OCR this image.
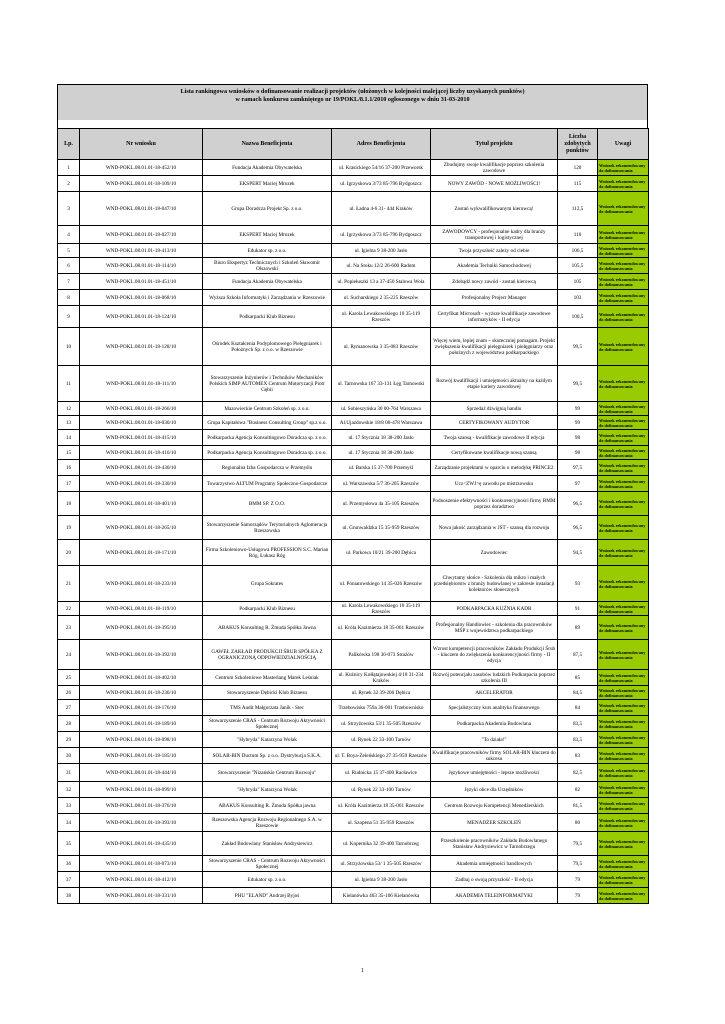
Lista rankingowa wniosków o dofinansowanie realizacji projektów (ułożonych w kolejności malejącej liczby uzyskanych punktów)
w ramach konkursu zamkniętego nr 19/POKL/8.1.1/2010 ogłoszonego w dniu 31-03-2010
Lp.	Nr wniosku	Nazwa Beneficjenta	Adres Beneficjenta	Tytuł projektu	Liczba zdobytych punktów	Uwagi
1	WND-POKL.08.01.01-18-452/10	Fundacja Akademia Obywatelska	ul. Krasickiego 54/16 37-200 Przeworsk	Zbudujmy swoje kwalifikacje poprzez szkolenia zawodowe	120	Wniosek rekomendowany do dofinansowania
2	WND-POKL.08.01.01-18-109/10	EKSPERT Maciej Mrozek	ul. Igrzyskowa 3/73 85-796 Bydgoszcz	NOWY ZAWÓD - NOWE MOŻLIWOŚCI!	115	Wniosek rekomendowany do dofinansowania
3	WND-POKL.08.01.01-18-047/10	Grupa Doradcza Projekt Sp. z o.o.	ul. Ładna 4-6 31- 444 Kraków	Zostań wykwalifikowanym kierowcą!	112,5	Wniosek rekomendowany do dofinansowania
4	WND-POKL.08.01.01-18-027/10	EKSPERT Maciej Mrozek	ul. Igrzyskowa 3/73 85-796 Bydgoszcz	ZAWODOWCY - profesjonalne kadry dla branży transportowej i logistycznej	110	Wniosek rekomendowany do dofinansowania
5	WND-POKL.08.01.01-18-413/10	Edukator sp. z o.o.	ul. Igielna 9 38-200 Jasło	Twoja przyszłość zależy od ciebie	106,5	Wniosek rekomendowany do dofinansowania
6	WND-POKL.08.01.01-18-114/10	Biuro Ekspertyz Technicznych i Szkoleń Sławomir Olszowski	ul. Na Stoku 12/2 26-600 Radom	Akademia Techniki Samochodowej	105,5	Wniosek rekomendowany do dofinansowania
7	WND-POKL.08.01.01-18-451/10	Fundacja Akademia Obywatelska	ul. Popiełuszki 13 a 37-450 Stalowa Wola	Zdobądź nowy zawód - zostań kierowcą	105	Wniosek rekomendowany do dofinansowania
8	WND-POKL.08.01.01-18-068/10	Wyższa Szkoła Informatyki i Zarządzania w Rzeszowie	ul. Sucharskiego 2 35-225 Rzeszów	Profesjonalny Project Manager	103	Wniosek rekomendowany do dofinansowania
9	WND-POKL.08.01.01-18-124/10	Podkarpacki Klub Biznesu	ul. Karola Lewakowskiego 10 35-119 Rzeszów	Certyfikat Microsoft - wyższe kwalifikacje zawodowe informatyków - II edycja	100,5	Wniosek rekomendowany do dofinansowania
10	WND-POKL.08.01.01-18-128/10	Ośrodek Kształcenia Podyplomowego Pielęgniarek i Położnych Sp. z o.o. w Rzeszowie	ul. Rymanowska 3 35-083 Rzeszów	Więcej wiem, lepiej znam – skuteczniej pomagam. Projekt zwiększenia kwalifikacji pielęgniarek i pielęgniarzy oraz położnych z województwa podkarpackiego	99,5	Wniosek rekomendowany do dofinansowania
11	WND-POKL.08.01.01-18-111/10	Stowarzyszenie Inżynierów i Techników Mechaników Polskich SIMP AUTOMEX Centrum Motoryzacji Piotr Gębii	ul. Tarnowska 167 33-131 Łęg Tarnowski	Rozwój kwalifikacji i umiejętności aktualny na każdym etapie kariery zawodowej	99,5	Wniosek rekomendowany do dofinansowania
12	WND-POKL.08.01.01-18-266/10	Mazowieckie Centrum Szkoleń sp. z o.o.	ul. Sobieszyńska 30 00-764 Warszawa	Sprzedaż dźwignią handlu	99	Wniosek rekomendowany do dofinansowania
13	WND-POKL.08.01.01-18-030/10	Grupa Kapitałowa "Business Consulting Group" sp.z o.o.	Al.Ujazdowskie 18/8 00-478 Warszawa	CERTYFIKOWANY AUDYTOR	99	Wniosek rekomendowany do dofinansowania
14	WND-POKL.08.01.01-18-415/10	Podkarpacka Agencja Konsultingowo Doradcza sp. z o.o.	ul. 17 Stycznia 18 38-200 Jasło	Twoja szansą - kwalifikacje zawodowe II edycja	98	Wniosek rekomendowany do dofinansowania
15	WND-POKL.08.01.01-18-416/10	Podkarpacka Agencja Konsultingowo Doradcza sp. z o.o.	ul. 17 Stycznia 18 38-200 Jasło	Certyfikowane kwalifikacje nową szansą	98	Wniosek rekomendowany do dofinansowania
16	WND-POKL.08.01.01-18-430/10	Regionalna Izba Gospodarcza w Przemyślu	ul. Barska 15 37-700 Przemyśl	Zarządzanie projektami w oparciu o metodykę PRINCE2	97,5	Wniosek rekomendowany do dofinansowania
17	WND-POKL.08.01.01-18-330/10	Towarzystwo ALTUM Programy Społeczno-Gospodarcze	ul. Warszawska 5/7 36-205 Rzeszów	Ucz<ZWJ>ę zawodu po mistrzowsku	97	Wniosek rekomendowany do dofinansowania
18	WND-POKL.08.01.01-18-401/10	BMM SP. Z O.O.	ul. Przemysłowa 4a 35-105 Rzeszów	Podnoszenie efektywności i konkurencyjności firmy BMM poprzez doradztwo	96,5	Wniosek rekomendowany do dofinansowania
19	WND-POKL.08.01.01-18-265/10	Stowarzyszenie Samorządów Terytorialnych Aglomeracja Rzeszowska	ul. Grunwaldzka 15 35-959 Rzeszów	Nowa jakość zarządzania w JST - szansą dla rozwoju	96,5	Wniosek rekomendowany do dofinansowania
20	WND-POKL.08.01.01-18-171/10	Firma Szkoleniowo-Usługowa PROFESSION S.C. Marian Róg, Łukasz Róg	ul. Parkowa 10/21 39-200 Dębica	Zawodowiec	94,5	Wniosek rekomendowany do dofinansowania
21	WND-POKL.08.01.01-18-233/10	Grupa Sokrates	ul. Poniatowskiego 14 35-026 Rzeszów	Chwytamy słońce - Szkolenia dla mikro i małych przedsiębiorstw z branży budowlanej w zakresie instalacji kolektorów słonecznych	93	Wniosek rekomendowany do dofinansowania
22	WND-POKL.08.01.01-18-119/10	Podkarpacki Klub Biznesu	ul. Karola Lewakowskiego 10 35-119 Rzeszów	PODKARPACKA KUŹNIA KADR	91	Wniosek rekomendowany do dofinansowania
23	WND-POKL.08.01.01-18-395/10	ABAKUS Konsulting R. Żmuda Spółka Jawna	ul. Króla Kazimierza 18 35-061 Rzeszów	Profesjonalny Handlowiec - szkolenia dla pracowników MŚP z województwa podkarpackiego	89	Wniosek rekomendowany do dofinansowania
24	WND-POKL.08.01.01-18-392/10	GAWEŁ ZAKŁAD PRODUKCJI ŚRUB SPÓŁKA Z OGRANICZONĄ ODPOWIEDZIALNOŚCIĄ	Palikówka 198 36-073 Strażów	Wzrost kompetencji pracowników Zakładu Produkcji Śrub - kluczem do zwiększenia konkurencyjności firmy - II edycja	87,5	Wniosek rekomendowany do dofinansowania
25	WND-POKL.08.01.01-18-402/10	Centrum Szkoleniowe Masterlang Marek Leśniak	ul. Kuźnicy Kołłątajowskiej 4/18 31-234 Kraków	Rozwój potencjału zasobów ludzkich Podkarpacia poprzez szkolenia III	85	Wniosek rekomendowany do dofinansowania
26	WND-POKL.08.01.01-18-236/10	Stowarzyszenie Dębicki Klub Biznesu	ul. Rynek 32 39-200 Dębica	AKCELERATOR	84,5	Wniosek rekomendowany do dofinansowania
27	WND-POKL.08.01.01-18-176/10	TMS Audit Małgorzata Janik - Stec	Trzebowisko 759a 36-001 Trzebownisko	Specjalistyczny kurs analityka finansowego	84	Wniosek rekomendowany do dofinansowania
28	WND-POKL.08.01.01-18-189/10	Stowarzyszenie CRAS - Centrum Rozwoju Aktywności Społecznej	ul. Strzyżowska 53/1 35-505 Rzeszów	Podkarpacka Akademia Budowlana	83,5	Wniosek rekomendowany do dofinansowania
29	WND-POKL.08.01.01-18-098/10	"Hybryda" Katarzyna Wolak	ul. Rynek 22 33-100 Tarnów	"To działa!"	83,5	Wniosek rekomendowany do dofinansowania
30	WND-POKL.08.01.01-18-185/10	SOLAR-BIN Ductum Sp. z o.o. Dystrybucja S.K.A.	ul. T. Boya-Żeleńskiego 27 35-959 Rzeszów	Kwalifikacje pracowników firmy SOLAR-BIN kluczem do sukcesu	83	Wniosek rekomendowany do dofinansowania
31	WND-POKL.08.01.01-18-444/10	Stowarzyszenie "Nizańskie Centrum Rozwoju"	ul. Rudnicka 15 37-400 Racławice	Językowe umiejętności - lepsze możliwości	82,5	Wniosek rekomendowany do dofinansowania
32	WND-POKL.08.01.01-18-099/10	"Hybryda" Katarzyna Wolak	ul. Rynek 22 33-100 Tarnów	Języki obce dla Urzędników	82	Wniosek rekomendowany do dofinansowania
33	WND-POKL.08.01.01-18-376/10	ABAKUS Konsulting R. Żmuda Spółka jawna	ul. Króla Kazimierza 18 35-061 Rzeszów	Centrum Rozwoju Kompetencji Menedżerskich	81,5	Wniosek rekomendowany do dofinansowania
34	WND-POKL.08.01.01-18-393/10	Rzeszowska Agencja Rozwoju Regionalnego S.A. w Rzeszowie	ul. Szopena 51 35-959 Rzeszów	MENADŻER SZKOLEŃ	80	Wniosek rekomendowany do dofinansowania
35	WND-POKL.08.01.01-18-435/10	Zakład Budowlany Stanisław Andrysiewicz	ul. Kopernika 32 39-400 Tarnobrzeg	Przeszkolenie pracowników Zakładu Budowlanego Stanisław Andrysiewicz w Tarnobrzegu	79,5	Wniosek rekomendowany do dofinansowania
36	WND-POKL.08.01.01-18-073/10	Stowarzyszenie CRAS - Centrum Rozwoju Aktywności Społecznej	ul. Strzyżowska 53/ 1 35-505 Rzeszów	Akademia umiejętności handlowych	79,5	Wniosek rekomendowany do dofinansowania
37	WND-POKL.08.01.01-18-412/10	Edukator sp. z o.o.	ul. Igielna 9 38-200 Jasło	Zadbaj o swoją przyszłość - II edycja	79	Wniosek rekomendowany do dofinansowania
38	WND-POKL.08.01.01-18-331/10	PHU "ELAND" Andrzej Byjoś	Kielanówka 403 35-106 Kielanówka	AKADEMIA TELEINFORMATYKI	79	Wniosek rekomendowany do dofinansowania
1
